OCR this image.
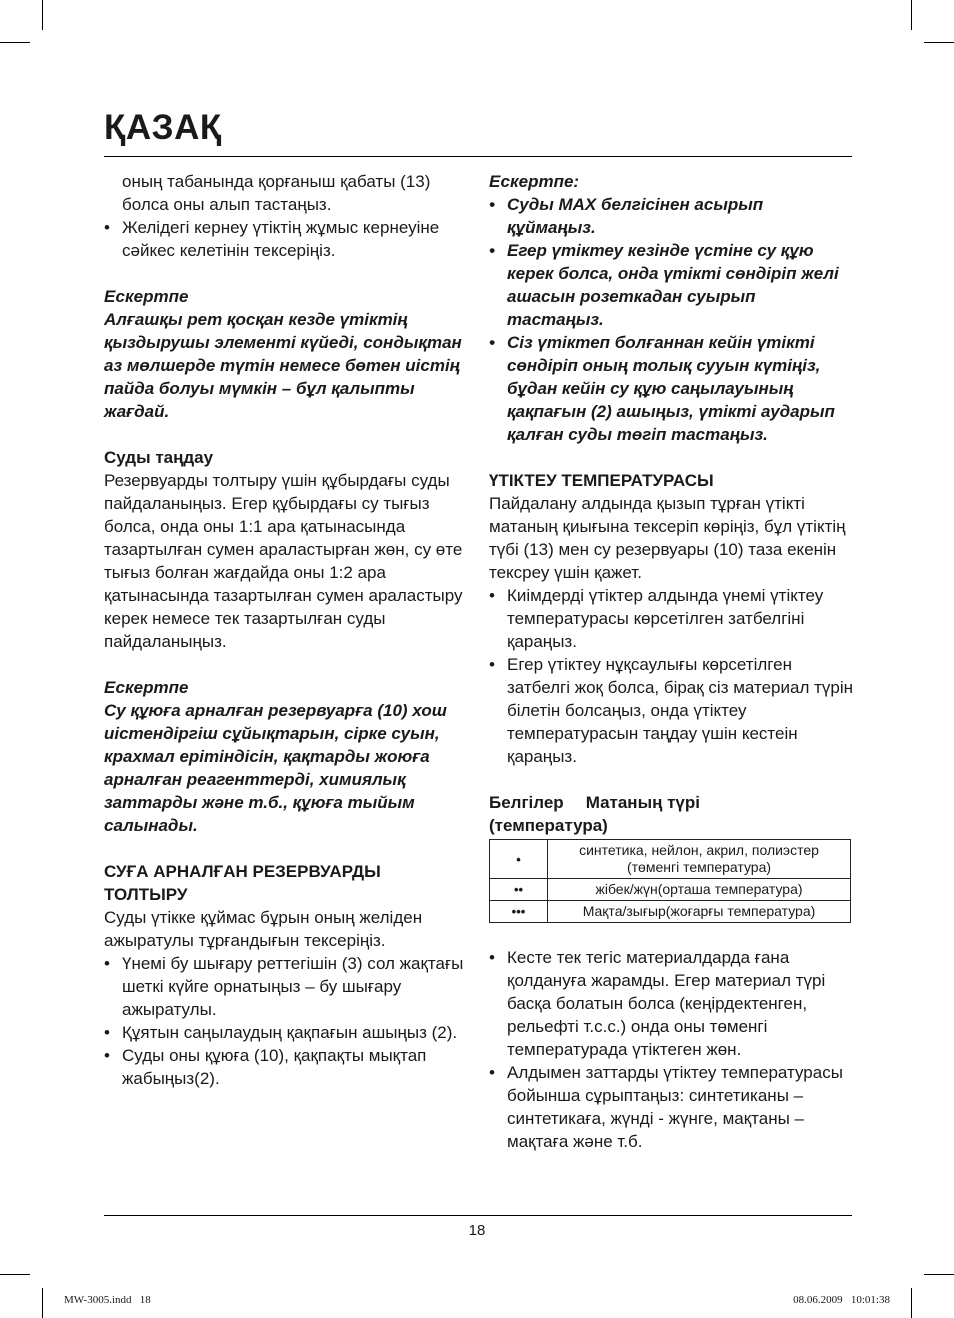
ҚАЗАҚ

оның табанында қорғаныш қабаты (13) болса оны алып тастаңыз.

• Желідегі кернеу үтіктің жұмыс кернеуіне сәйкес келетінін тексеріңіз.

Ескертпе

Алғашқы рет қосқан кезде үтіктің қыздырушы элементі күйеді, сондықтан аз мөлшерде түтін немесе бөтен иістің пайда болуы мүмкін – бұл қалыпты жағдай.

Суды таңдау

Резервуарды толтыру үшін құбырдағы суды пайдаланыңыз. Егер құбырдағы су тығыз болса, онда оны 1:1 ара қатынасында тазартылған сумен араластырған жөн, су өте тығыз болған жағдайда оны 1:2 ара қатынасында тазартылған сумен араластыру керек немесе тек тазартылған суды пайдаланыңыз.

Ескертпе

Су құюға арналған резервуарға (10) хош иістендіргіш сұйықтарын, сірке суын, крахмал ерітіндісін, қақтарды жоюға арналған реагенттерді, химиялық заттарды және т.б., құюға тыйым салынады.

СУҒА АРНАЛҒАН РЕЗЕРВУАРДЫ ТОЛТЫРУ

Суды үтікке құймас бұрын оның желіден ажыратулы тұрғандығын тексеріңіз.

• Үнемі бу шығару реттегішін (3) сол жақтағы шеткі күйге орнатыңыз – бу шығару ажыратулы.

• Құятын саңылаудың қақпағын ашыңыз (2).

• Суды оны құюға (10), қақпақты мықтап жабыңыз(2).

Ескертпе:

• Суды MAX белгісінен асырып құймаңыз.

• Егер үтіктеу кезінде үстіне су құю керек болса, онда үтікті сөндіріп желі ашасын розеткадан суырып тастаңыз.

• Сіз үтіктеп болғаннан кейін үтікті сөндіріп оның толық сууын күтіңіз, бұдан кейін су құю саңылауының қақпағын (2) ашыңыз, үтікті аударып қалған суды төгіп тастаңыз.

ҮТІКТЕУ ТЕМПЕРАТУРАСЫ

Пайдалану алдында қызып тұрған үтікті матаның қиығына тексеріп көріңіз, бұл үтіктің түбі (13) мен су резервуары (10) таза екенін тексреу үшін қажет.

• Киімдерді үтіктер алдында үнемі үтіктеу температурасы көрсетілген затбелгіні қараңыз.

• Егер үтіктеу нұқсаулығы көрсетілген затбелгі жоқ болса, бірақ сіз материал түрін білетін болсаңыз, онда үтіктеу температурасын таңдау үшін кестеін қараңыз.

Белгілер Матаның түрі

(температура)

•	синтетика, нейлон, акрил, полиэстер (төменгі температура)
••	жібек/жүн(орташа температура)
•••	Мақта/зығыр(жоғарғы температура)

• Кесте тек тегіс материалдарда ғана қолдануға жарамды. Егер материал түрі басқа болатын болса (кеңірдектенген, рельефті т.с.с.) онда оны төменгі температурада үтіктеген жөн.

• Алдымен заттарды үтіктеу температурасы бойынша сұрыптаңыз: синтетиканы – синтетикаға, жүнді - жүнге, мақтаны – мақтаға және т.б.

18
MW-3005.indd   18	08.06.2009   10:01:38
